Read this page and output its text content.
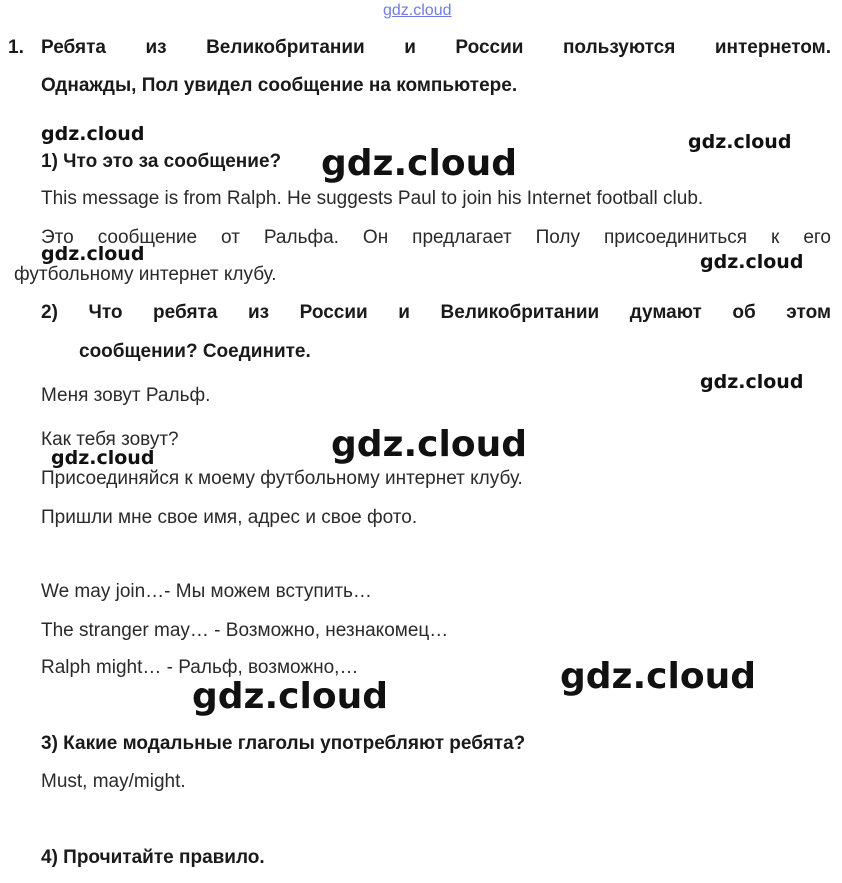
gdz.cloud
1. Ребята из Великобритании и России пользуются интернетом.
Однажды, Пол увидел сообщение на компьютере.
gdz.cloud	gdz.cloud
1) Что это за сообщение? gdz.cloud
This message is from Ralph. He suggests Paul to join his Internet football club.
Это сообщение от Ральфа. Он предлагает Полу присоединиться к его
gdz.cloud	gdz.cloud
футбольному интернет клубу.
2) Что ребята из России и Великобритании думают об этом
сообщении? Соедините.
gdz.cloud
Меня зовут Ральф.
Как тебя зовут?	gdz.cloud
gdz.cloud
Присоединяйся к моему футбольному интернет клубу.
Пришли мне свое имя, адрес и свое фото.
We may join…- Мы можем вступить…
The stranger may… - Возможно, незнакомец…
Ralph might… - Ральф, возможно,…	gdz.cloud
gdz.cloud
3) Какие модальные глаголы употребляют ребята?
Must, may/might.
4) Прочитайте правило.
